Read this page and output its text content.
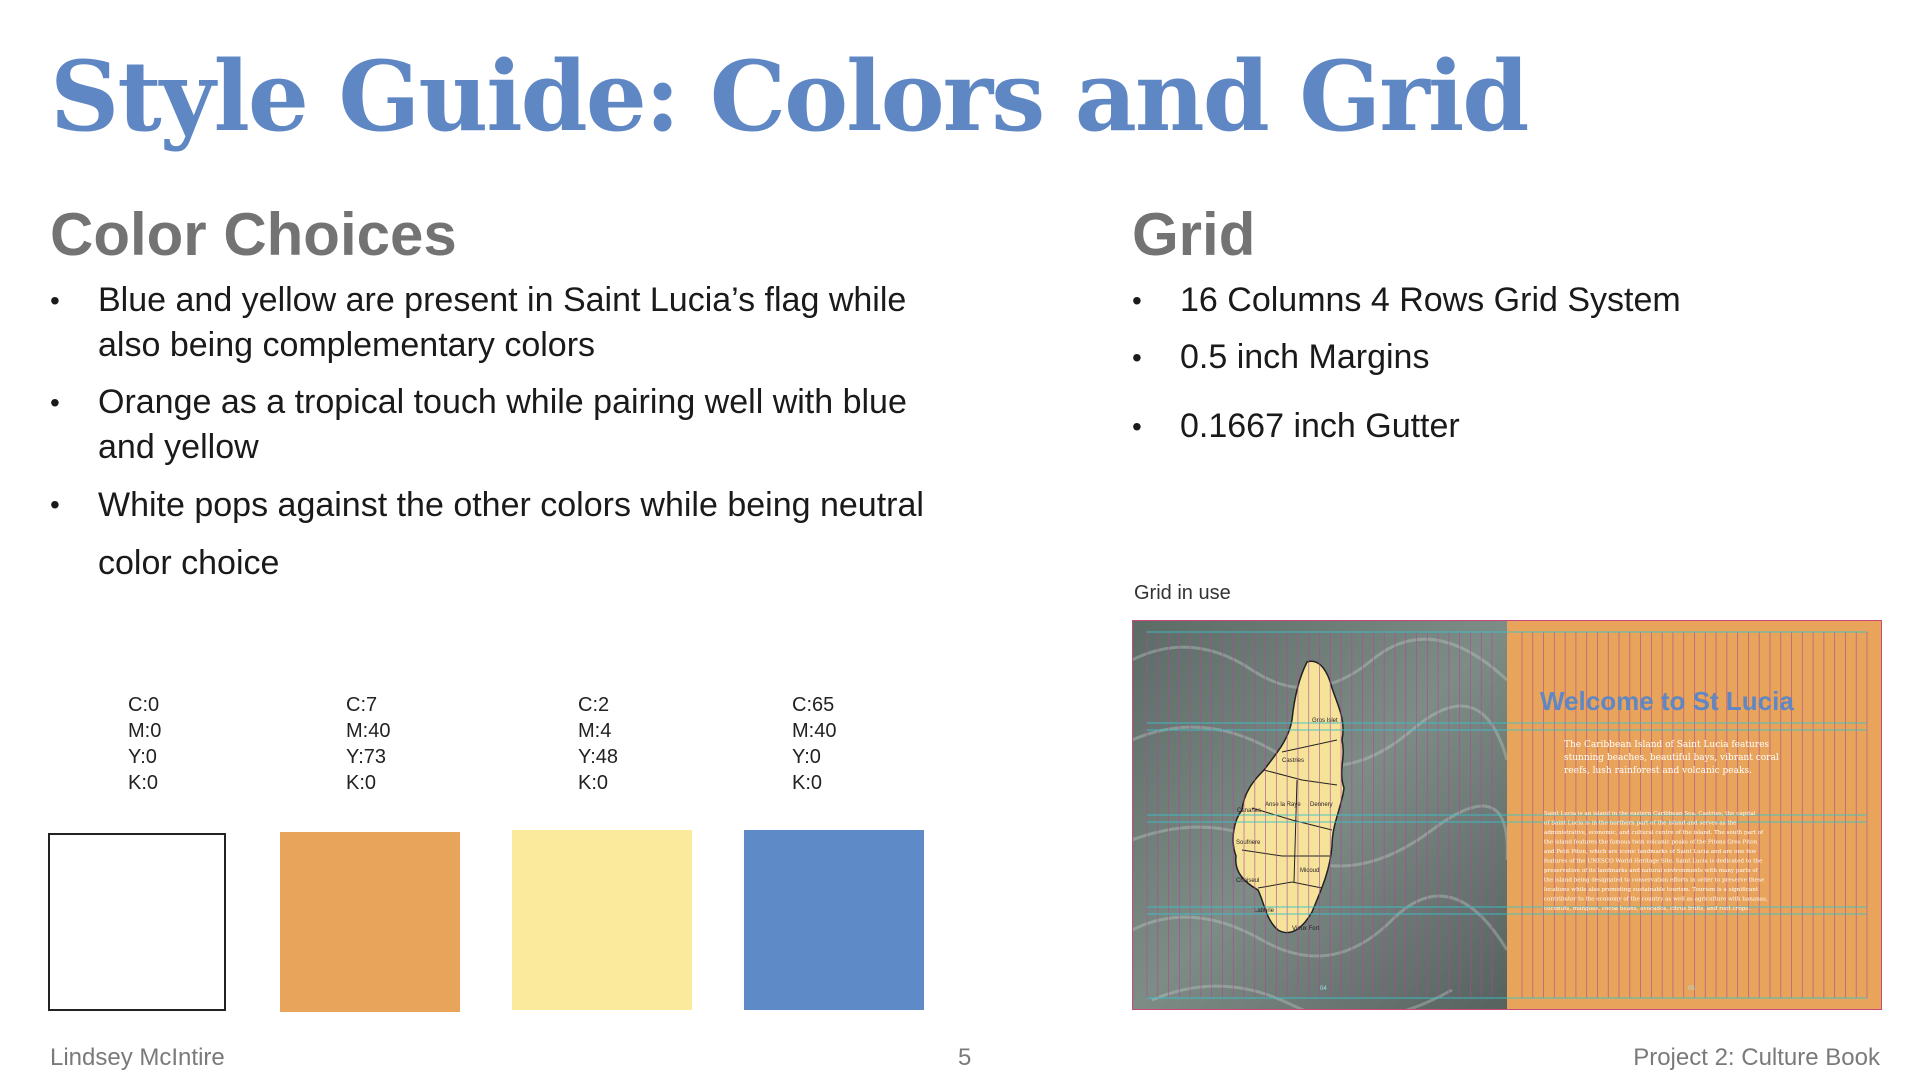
Style Guide: Colors and Grid
Color Choices
• Blue and yellow are present in Saint Lucia’s flag while also being complementary colors
• Orange as a tropical touch while pairing well with blue and yellow
• White pops against the other colors while being neutral color choice
C:0
M:0
Y:0
K:0
C:7
M:40
Y:73
K:0
C:2
M:4
Y:48
K:0
C:65
M:40
Y:0
K:0
Grid
• 16 Columns 4 Rows Grid System
• 0.5 inch Margins
• 0.1667 inch Gutter
Grid in use
Gros Islet
Castries
Dennery
Anse la Raye
Canaries
Soufriere
Micoud
Choiseul
Laborie
Vieux Fort
Welcome to St Lucia
The Caribbean Island of Saint Lucia features
stunning beaches, beautiful bays, vibrant coral
reefs, lush rainforest and volcanic peaks.
Saint Lucia is an island in the eastern Caribbean Sea. Castries, the capital
of Saint Lucia is in the northern part of the island and serves as the
administrative, economic, and cultural centre of the island. The south part of
the island features the famous twin volcanic peaks of the Pitons Gros Piton
and Petit Piton, which are iconic landmarks of Saint Lucia and are one few
features of the UNESCO World Heritage Site. Saint Lucia is dedicated to the
preservation of its landmarks and natural environments with many parts of
the island being designated to conservation efforts in order to preserve these
locations while also promoting sustainable tourism. Tourism is a significant
contributor to the economy of the country as well as agriculture with bananas,
coconuts, mangoes, cocoa beans, avocados, citrus fruits, and root crops.
04	05
Lindsey McIntire	5	Project 2: Culture Book
